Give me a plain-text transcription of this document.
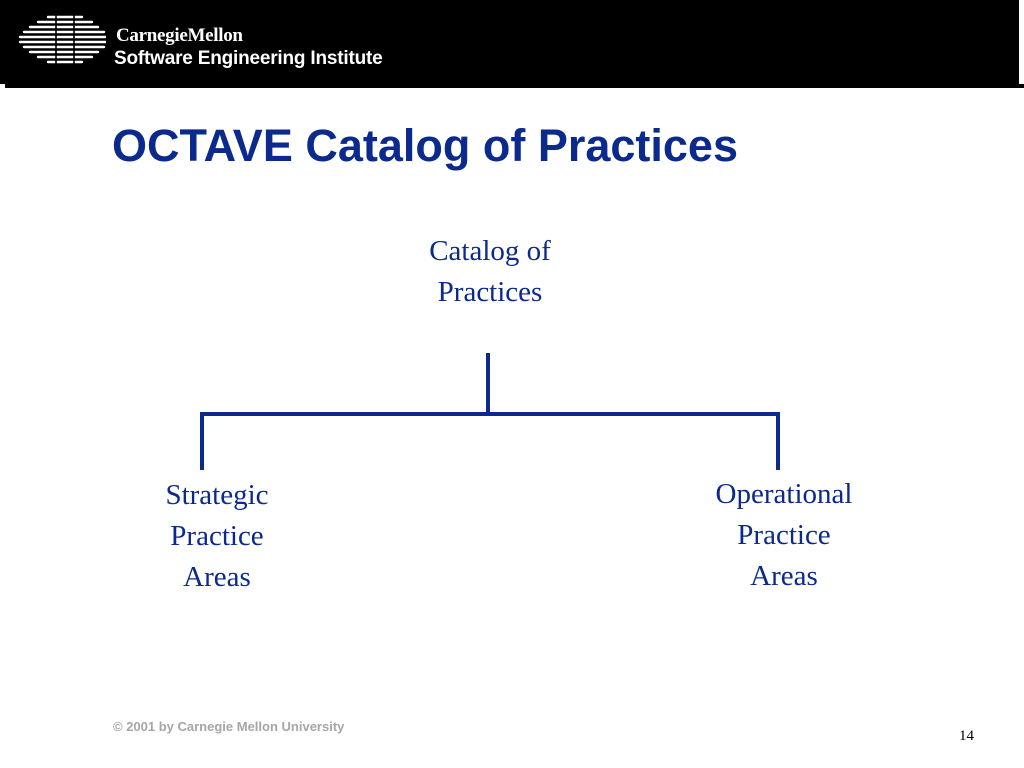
CarnegieMellon
Software Engineering Institute
OCTAVE Catalog of Practices
Catalog of
Practices
Strategic
Practice
Areas
Operational
Practice
Areas
© 2001 by Carnegie Mellon University
14
